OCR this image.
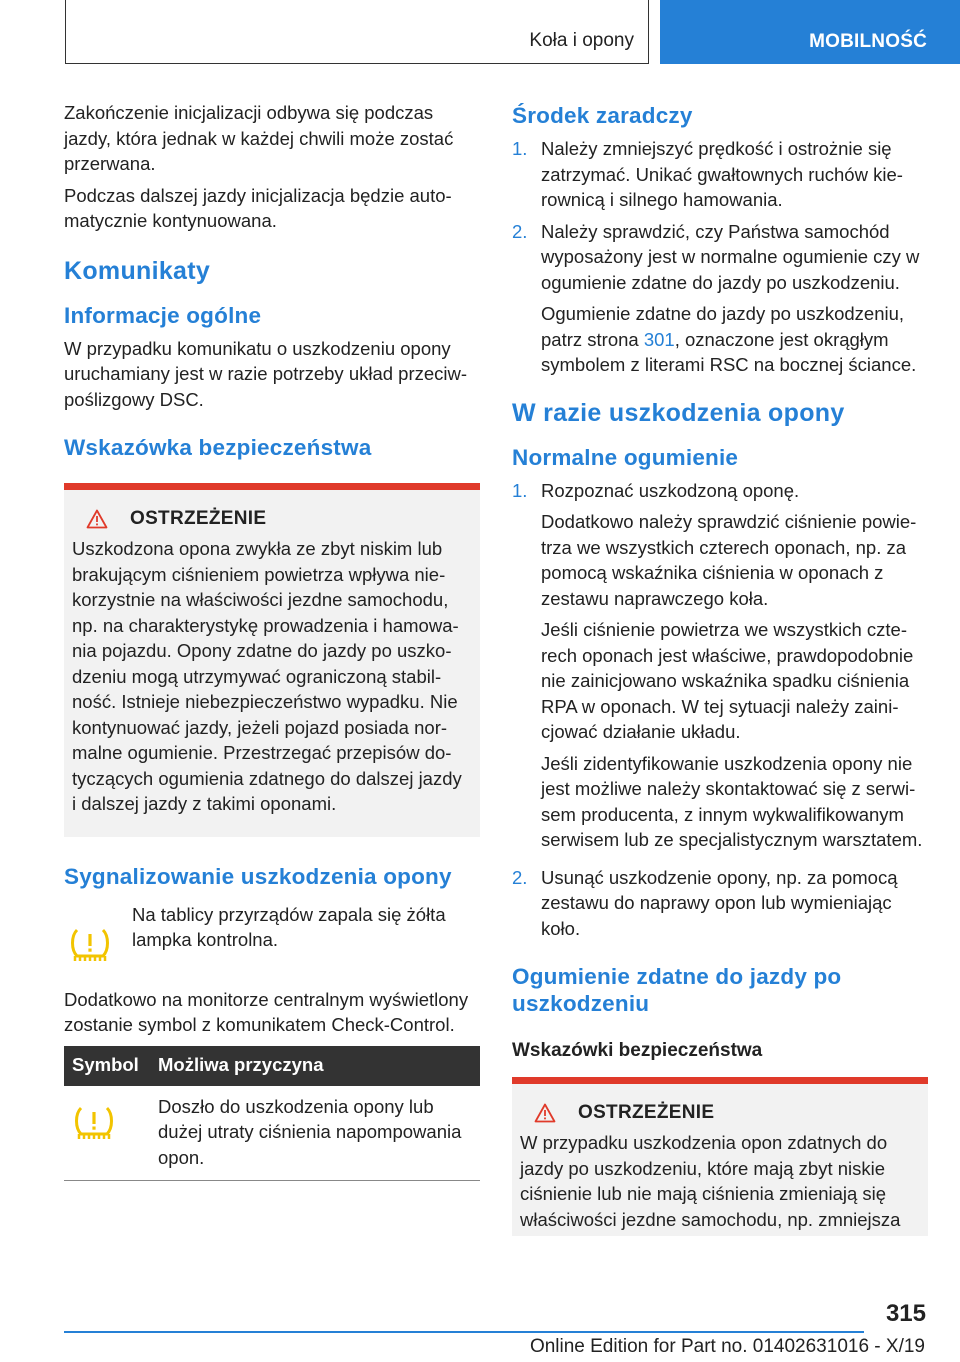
Koła i opony	MOBILNOŚĆ

Zakończenie inicjalizacji odbywa się podczas jazdy, która jednak w każdej chwili może zostać przerwana.

Podczas dalszej jazdy inicjalizacja będzie automatycznie kontynuowana.

Komunikaty
Informacje ogólne

W przypadku komunikatu o uszkodzeniu opony uruchamiany jest w razie potrzeby układ przeciwpoślizgowy DSC.

Wskazówka bezpieczeństwa
OSTRZEŻENIE

Uszkodzona opona zwykła ze zbyt niskim lub brakującym ciśnieniem powietrza wpływa niekorzystnie na właściwości jezdne samochodu, np. na charakterystykę prowadzenia i hamowania pojazdu. Opony zdatne do jazdy po uszkodzeniu mogą utrzymywać ograniczoną stabilność. Istnieje niebezpieczeństwo wypadku. Nie kontynuować jazdy, jeżeli pojazd posiada normalne ogumienie. Przestrzegać przepisów dotyczących ogumienia zdatnego do dalszej jazdy i dalszej jazdy z takimi oponami.

Sygnalizowanie uszkodzenia opony

Na tablicy przyrządów zapala się żółta lampka kontrolna.

Dodatkowo na monitorze centralnym wyświetlony zostanie symbol z komunikatem Check-Control.

Symbol	Możliwa przyczyna
	Doszło do uszkodzenia opony lub dużej utraty ciśnienia napompowania opon.
Środek zaradczy
1. Należy zmniejszyć prędkość i ostrożnie się zatrzymać. Unikać gwałtownych ruchów kierownicą i silnego hamowania.
2. Należy sprawdzić, czy Państwa samochód wyposażony jest w normalne ogumienie czy w ogumienie zdatne do jazdy po uszkodzeniu.

Ogumienie zdatne do jazdy po uszkodzeniu, patrz strona 301, oznaczone jest okrągłym symbolem z literami RSC na bocznej ściance.

W razie uszkodzenia opony
Normalne ogumienie
1. Rozpoznać uszkodzoną oponę.

Dodatkowo należy sprawdzić ciśnienie powietrza we wszystkich czterech oponach, np. za pomocą wskaźnika ciśnienia w oponach z zestawu naprawczego koła.

Jeśli ciśnienie powietrza we wszystkich czterech oponach jest właściwe, prawdopodobnie nie zainicjowano wskaźnika spadku ciśnienia RPA w oponach. W tej sytuacji należy zainicjować działanie układu.

Jeśli zidentyfikowanie uszkodzenia opony nie jest możliwe należy skontaktować się z serwisem producenta, z innym wykwalifikowanym serwisem lub ze specjalistycznym warsztatem.

2. Usunąć uszkodzenie opony, np. za pomocą zestawu do naprawy opon lub wymieniając koło.
Ogumienie zdatne do jazdy po uszkodzeniu
Wskazówki bezpieczeństwa
OSTRZEŻENIE

W przypadku uszkodzenia opon zdatnych do jazdy po uszkodzeniu, które mają zbyt niskie ciśnienie lub nie mają ciśnienia zmieniają się właściwości jezdne samochodu, np. zmniejsza

315
Online Edition for Part no. 01402631016 - X/19
